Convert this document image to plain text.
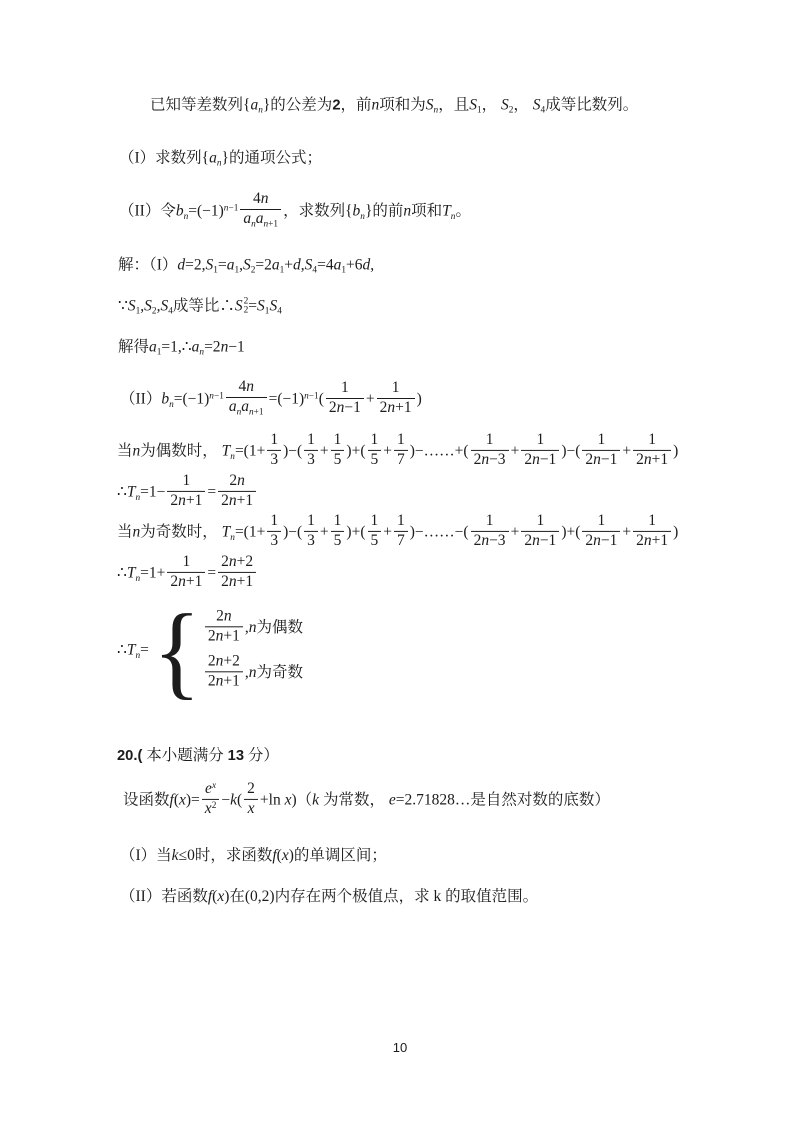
已知等差数列$\{a_n\}$的公差为2，前n项和为$S_n$，且$S_1$， $S_2$， $S_4$成等比数列。
（I）求数列$\{a_n\}$的通项公式；
（II）令$b_n=(-1)^{n-1}$
4n
$a_na_{n+1}$
，求数列$\{b_n\}$的前n项和$T_n$。
解：$(I)d=2,S_1=a_1,S_2=2a_1+d,S_4=4a_1+6d$,
$\because S_1,S_2,S_4$成等比∴S 2
$2 =S_1S_4$
解得$a_1=1,\therefore a_n=2n-1$
$(II)b_n=(-1)^{n-1}$
4n
$a_na_{n+1}$
$=(-1)^{n-1}( \frac{1}{2n-1} + \frac{1}{2n+1}$ )
当n为偶数时， $T_n=(1+ \frac{1}{3}$ )−( $\frac{1}{3} + \frac{1}{5}$ )+( $\frac{1}{5} + \frac{1}{7}$ )−……+( $\frac{1}{2n-3} + \frac{1}{2n-1}$ )−( $\frac{1}{2n-1} + \frac{1}{2n+1}$ )
$\therefore T_n=1- \frac{1}{2n+1} = \frac{2n}{2n+1}$
当n为奇数时， $T_n=(1+ \frac{1}{3}$ )−( $\frac{1}{3} + \frac{1}{5}$ )+( $\frac{1}{5} + \frac{1}{7}$ )−……−( $\frac{1}{2n-3} + \frac{1}{2n-1}$ )+( $\frac{1}{2n-1} + \frac{1}{2n+1}$ )
$\therefore T_n=1+ \frac{1}{2n+1} = \frac{2n+2}{2n+1}$
$\therefore T_n=$ { $\frac{2n}{2n+1} ,n$为偶数
$\frac{2n+2}{2n+1} ,n$为奇数
20.( 本小题满分 13 分）
设函数$f(x)= \frac{e^x}{x^2} -k( \frac{2}{x} +\ln$ x)（k 为常数， e=2.71828…是自然对数的底数）
（I）当k≤0时，求函数f(x)的单调区间；
（II）若函数f(x)在(0,2)内存在两个极值点，求 k 的取值范围。
10
